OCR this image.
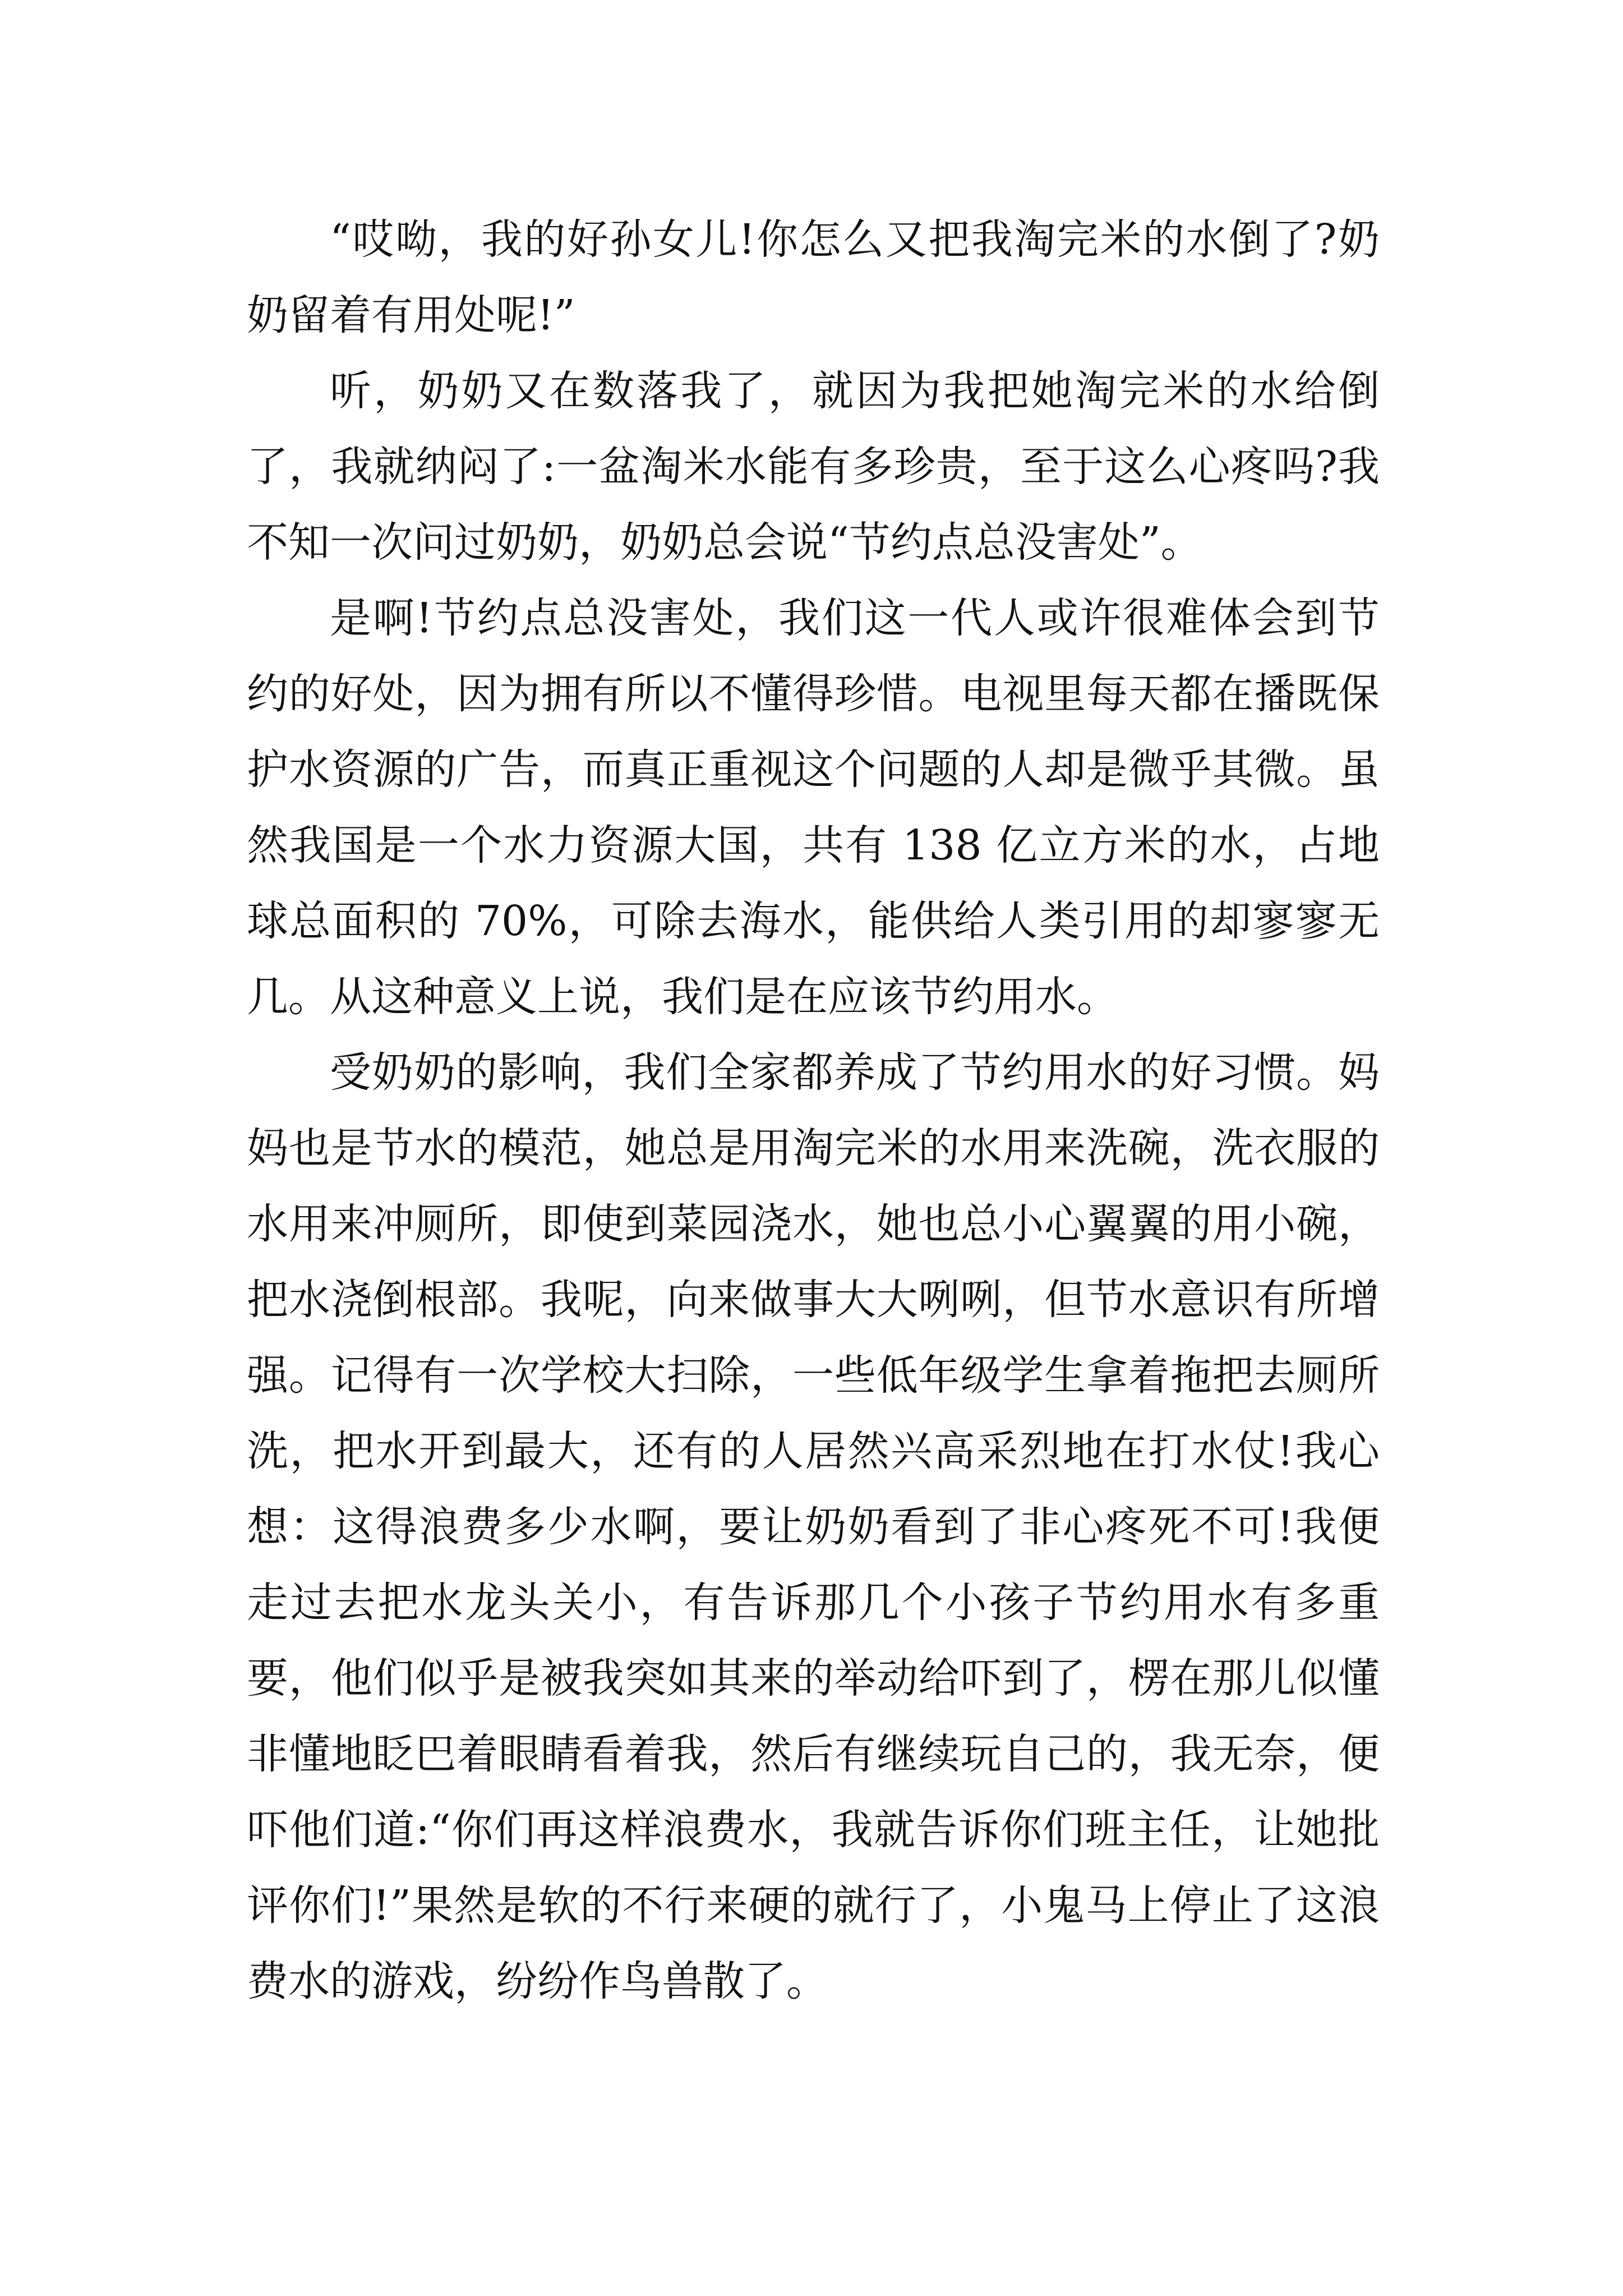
“哎呦，我的好孙女儿!你怎么又把我淘完米的水倒了?奶奶留着有用处呢!”

听，奶奶又在数落我了，就因为我把她淘完米的水给倒了，我就纳闷了:一盆淘米水能有多珍贵，至于这么心疼吗?我不知一次问过奶奶，奶奶总会说“节约点总没害处”。

是啊!节约点总没害处，我们这一代人或许很难体会到节约的好处，因为拥有所以不懂得珍惜。电视里每天都在播既保护水资源的广告，而真正重视这个问题的人却是微乎其微。虽然我国是一个水力资源大国，共有 138 亿立方米的水，占地球总面积的 70%，可除去海水，能供给人类引用的却寥寥无几。从这种意义上说，我们是在应该节约用水。

受奶奶的影响，我们全家都养成了节约用水的好习惯。妈妈也是节水的模范，她总是用淘完米的水用来洗碗，洗衣服的水用来冲厕所，即使到菜园浇水，她也总小心翼翼的用小碗，把水浇倒根部。我呢，向来做事大大咧咧，但节水意识有所增强。记得有一次学校大扫除，一些低年级学生拿着拖把去厕所洗，把水开到最大，还有的人居然兴高采烈地在打水仗!我心想：这得浪费多少水啊，要让奶奶看到了非心疼死不可!我便走过去把水龙头关小，有告诉那几个小孩子节约用水有多重要，他们似乎是被我突如其来的举动给吓到了，楞在那儿似懂非懂地眨巴着眼睛看着我，然后有继续玩自己的，我无奈，便吓他们道:“你们再这样浪费水，我就告诉你们班主任，让她批评你们!”果然是软的不行来硬的就行了，小鬼马上停止了这浪费水的游戏，纷纷作鸟兽散了。
